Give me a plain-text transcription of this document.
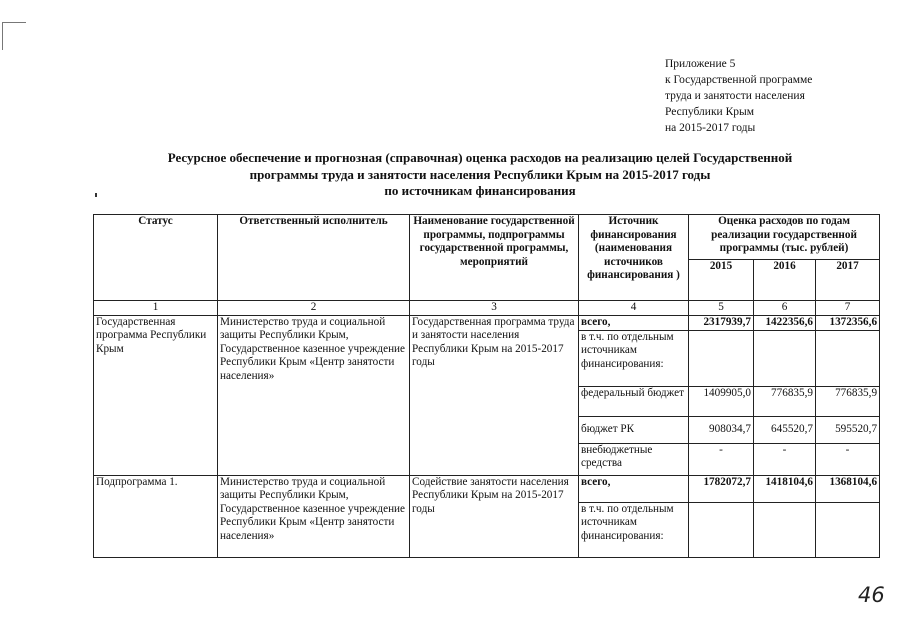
Приложение 5
к Государственной программе
труда и занятости населения
Республики Крым
на 2015-2017 годы
Ресурсное обеспечение и прогнозная (справочная) оценка расходов на реализацию целей Государственной
программы труда и занятости населения Республики Крым на 2015-2017 годы
по источникам финансирования
Статус	Ответственный исполнитель	Наименование государственной программы, подпрограммы государственной программы, мероприятий	Источник финансирования (наименования источников финансирования )	Оценка расходов по годам реализации государственной программы (тыс. рублей)		
				2015	2016	2017
1	2	3	4	5	6	7
Государственная программа Республики Крым	Министерство труда и социальной защиты Республики Крым, Государственное казенное учреждение Республики Крым «Центр занятости населения»	Государственная программа труда и занятости населения Республики Крым на 2015-2017 годы	всего,	2317939,7	1422356,6	1372356,6
			в т.ч. по отдельным источникам финансирования:			
			федеральный бюджет	1409905,0	776835,9	776835,9
			бюджет РК	908034,7	645520,7	595520,7
			внебюджетные средства	-	-	-
Подпрограмма 1.	Министерство труда и социальной защиты Республики Крым, Государственное казенное учреждение Республики Крым «Центр занятости населения»	Содействие занятости населения Республики Крым на 2015-2017 годы	всего,	1782072,7	1418104,6	1368104,6
			в т.ч. по отдельным источникам финансирования:			
46
